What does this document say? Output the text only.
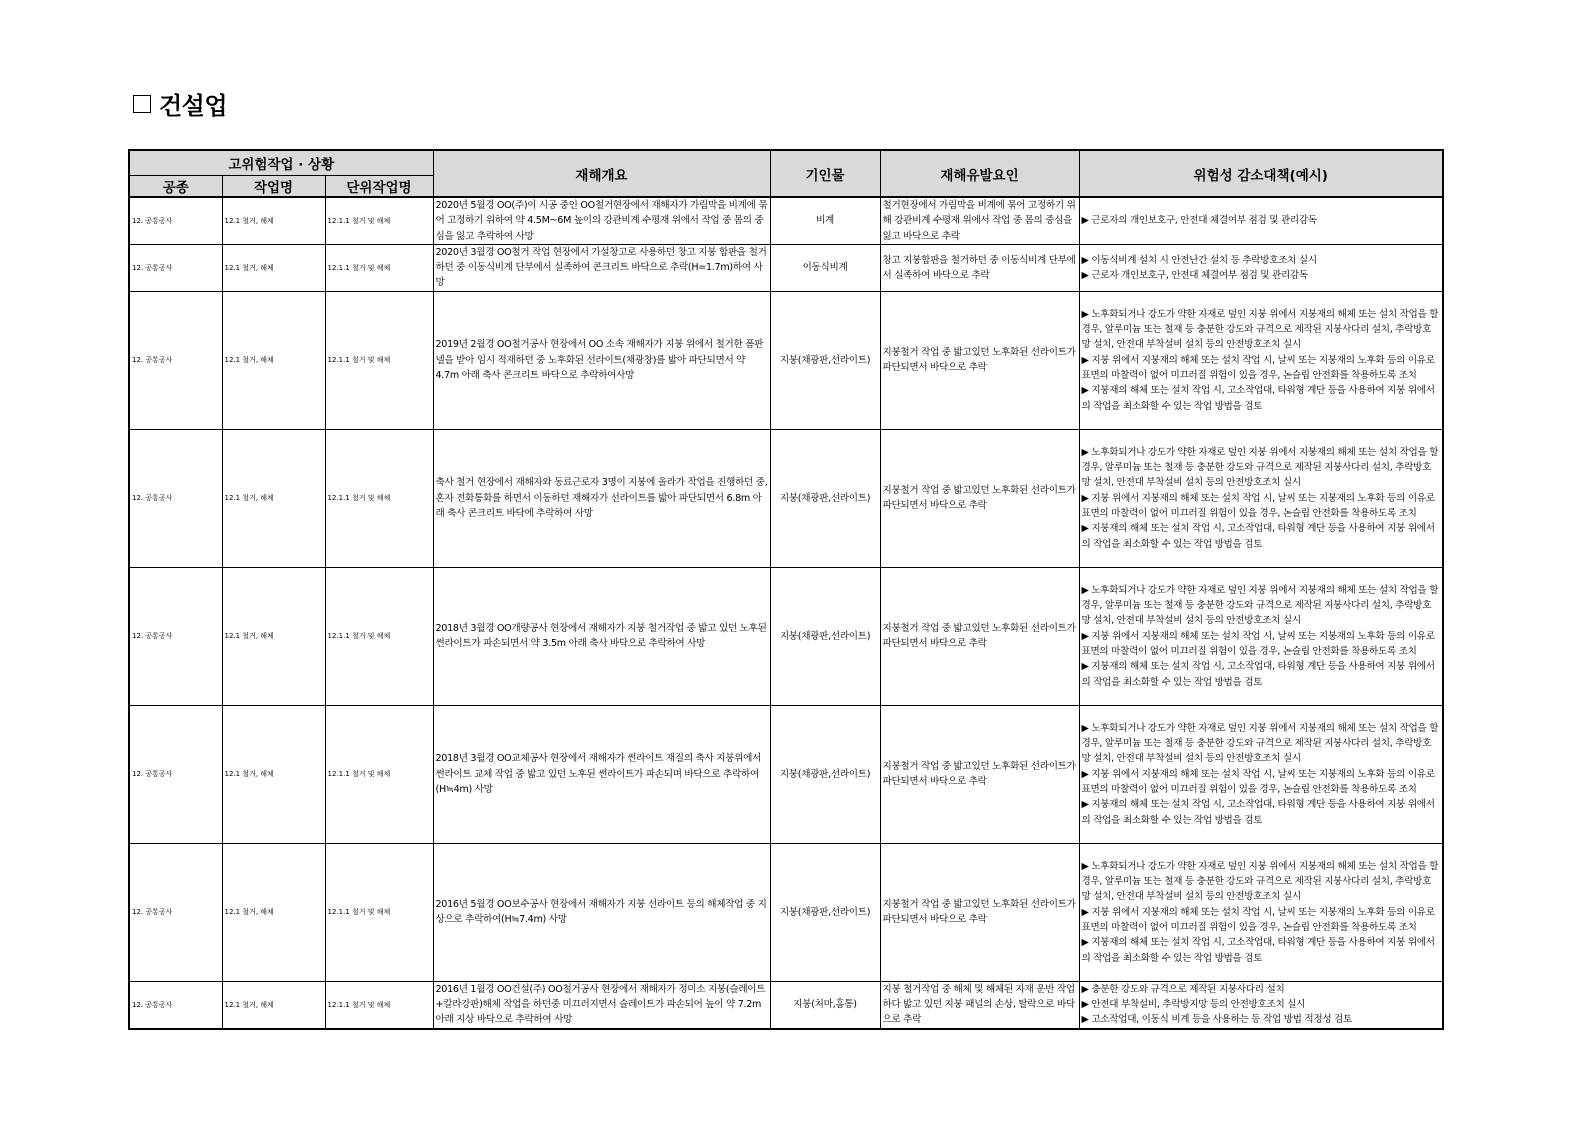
건설업
고위험작업 · 상황			재해개요	기인물	재해유발요인	위험성 감소대책(예시)
공종	작업명	단위작업명				
12. 공통공사	12.1 철거, 해체	12.1.1 철거 및 해체	2020년 5월경 OO(주)이 시공 중인 OO철거현장에서 재해자가 가림막을 비계에 묶어 고정하기 위하여 약 4.5M~6M 높이의 강관비계 수평재 위에서 작업 중 몸의 중심을 잃고 추락하여 사망	비계	철거현장에서 가림막을 비계에 묶어 고정하기 위해 강관비계 수평재 위에서 작업 중 몸의 중심을 잃고 바닥으로 추락	▶ 근로자의 개인보호구, 안전대 체결여부 점검 및 관리감독

12. 공통공사	12.1 철거, 해체	12.1.1 철거 및 해체	2020년 3월경 OO철거 작업 현장에서 가설창고로 사용하던 창고 지붕 합판을 철거 하던 중 이동식비계 단부에서 실족하여 콘크리트 바닥으로 추락(H=1.7m)하여 사망	이동식비계	창고 지붕합판을 철거하던 중 이동식비계 단부에서 실족하여 바닥으로 추락	▶ 이동식비계 설치 시 안전난간 설치 등 추락방호조치 실시
▶ 근로자 개인보호구, 안전대 체결여부 점검 및 관리감독

12. 공통공사	12.1 철거, 해체	12.1.1 철거 및 해체	2019년 2월경 OO철거공사 현장에서 OO 소속 재해자가 지붕 위에서 철거한 폼판넬을 받아 임시 적재하던 중 노후화된 선라이트(채광창)를 밟아 파단되면서 약 4.7m 아래 축사 콘크리트 바닥으로 추락하여사망	지붕(채광판,선라이트)	지붕철거 작업 중 밟고있던 노후화된 선라이트가 파단되면서 바닥으로 추락	▶ 노후화되거나 강도가 약한 자재로 덮인 지붕 위에서 지붕재의 해체 또는 설치 작업을 할 경우, 알루미늄 또는 철재 등 충분한 강도와 규격으로 제작된 지붕사다리 설치, 추락방호망 설치, 안전대 부착설비 설치 등의 안전방호조치 실시
▶ 지붕 위에서 지붕재의 해체 또는 설치 작업 시, 날씨 또는 지붕재의 노후화 등의 이유로 표면의 마찰력이 없어 미끄러질 위험이 있을 경우, 논슬립 안전화를 착용하도록 조치
▶ 지붕재의 해체 또는 설치 작업 시, 고소작업대, 타워형 계단 등을 사용하여 지붕 위에서의 작업을 최소화할 수 있는 작업 방법을 검토

12. 공통공사	12.1 철거, 해체	12.1.1 철거 및 해체	축사 철거 현장에서 재해자와 동료근로자 3명이 지붕에 올라가 작업을 진행하던 중, 혼자 전화통화를 하면서 이동하던 재해자가 선라이트를 밟아 파단되면서 6.8m 아래 축사 콘크리트 바닥에 추락하여 사망	지붕(채광판,선라이트)	지붕철거 작업 중 밟고있던 노후화된 선라이트가 파단되면서 바닥으로 추락	▶ 노후화되거나 강도가 약한 자재로 덮인 지붕 위에서 지붕재의 해체 또는 설치 작업을 할 경우, 알루미늄 또는 철재 등 충분한 강도와 규격으로 제작된 지붕사다리 설치, 추락방호망 설치, 안전대 부착설비 설치 등의 안전방호조치 실시
▶ 지붕 위에서 지붕재의 해체 또는 설치 작업 시, 날씨 또는 지붕재의 노후화 등의 이유로 표면의 마찰력이 없어 미끄러질 위험이 있을 경우, 논슬립 안전화를 착용하도록 조치
▶ 지붕재의 해체 또는 설치 작업 시, 고소작업대, 타워형 계단 등을 사용하여 지붕 위에서의 작업을 최소화할 수 있는 작업 방법을 검토

12. 공통공사	12.1 철거, 해체	12.1.1 철거 및 해체	2018년 3월경 OO개량공사 현장에서 재해자가 지붕 철거작업 중 밟고 있던 노후된 썬라이트가 파손되면서 약 3.5m 아래 축사 바닥으로 추락하여 사망	지붕(채광판,선라이트)	지붕철거 작업 중 밟고있던 노후화된 선라이트가 파단되면서 바닥으로 추락	▶ 노후화되거나 강도가 약한 자재로 덮인 지붕 위에서 지붕재의 해체 또는 설치 작업을 할 경우, 알루미늄 또는 철재 등 충분한 강도와 규격으로 제작된 지붕사다리 설치, 추락방호망 설치, 안전대 부착설비 설치 등의 안전방호조치 실시
▶ 지붕 위에서 지붕재의 해체 또는 설치 작업 시, 날씨 또는 지붕재의 노후화 등의 이유로 표면의 마찰력이 없어 미끄러질 위험이 있을 경우, 논슬립 안전화를 착용하도록 조치
▶ 지붕재의 해체 또는 설치 작업 시, 고소작업대, 타워형 계단 등을 사용하여 지붕 위에서의 작업을 최소화할 수 있는 작업 방법을 검토

12. 공통공사	12.1 철거, 해체	12.1.1 철거 및 해체	2018년 3월경 OO교체공사 현장에서 재해자가 썬라이트 재질의 축사 지붕위에서 썬라이트 교체 작업 중 밟고 있던 노후된 썬라이트가 파손되며 바닥으로 추락하여(H≒4m) 사망	지붕(채광판,선라이트)	지붕철거 작업 중 밟고있던 노후화된 선라이트가 파단되면서 바닥으로 추락	▶ 노후화되거나 강도가 약한 자재로 덮인 지붕 위에서 지붕재의 해체 또는 설치 작업을 할 경우, 알루미늄 또는 철재 등 충분한 강도와 규격으로 제작된 지붕사다리 설치, 추락방호망 설치, 안전대 부착설비 설치 등의 안전방호조치 실시
▶ 지붕 위에서 지붕재의 해체 또는 설치 작업 시, 날씨 또는 지붕재의 노후화 등의 이유로 표면의 마찰력이 없어 미끄러질 위험이 있을 경우, 논슬립 안전화를 착용하도록 조치
▶ 지붕재의 해체 또는 설치 작업 시, 고소작업대, 타워형 계단 등을 사용하여 지붕 위에서의 작업을 최소화할 수 있는 작업 방법을 검토

12. 공통공사	12.1 철거, 해체	12.1.1 철거 및 해체	2016년 5월경 OO보수공사 현장에서 재해자가 지붕 선라이트 등의 해체작업 중 지상으로 추락하여(H≒7.4m) 사망	지붕(채광판,선라이트)	지붕철거 작업 중 밟고있던 노후화된 선라이트가 파단되면서 바닥으로 추락	▶ 노후화되거나 강도가 약한 자재로 덮인 지붕 위에서 지붕재의 해체 또는 설치 작업을 할 경우, 알루미늄 또는 철재 등 충분한 강도와 규격으로 제작된 지붕사다리 설치, 추락방호망 설치, 안전대 부착설비 설치 등의 안전방호조치 실시
▶ 지붕 위에서 지붕재의 해체 또는 설치 작업 시, 날씨 또는 지붕재의 노후화 등의 이유로 표면의 마찰력이 없어 미끄러질 위험이 있을 경우, 논슬립 안전화를 착용하도록 조치
▶ 지붕재의 해체 또는 설치 작업 시, 고소작업대, 타워형 계단 등을 사용하여 지붕 위에서의 작업을 최소화할 수 있는 작업 방법을 검토

12. 공통공사	12.1 철거, 해체	12.1.1 철거 및 해체	2016년 1월경 OO건설(주) OO철거공사 현장에서 재해자가 정미소 지붕(슬레이트+칼라강판)해체 작업을 하던중 미끄러지면서 슬레이트가 파손되어 높이 약 7.2m 아래 지상 바닥으로 추락하여 사망	지붕(처마,홈통)	지붕 철거작업 중 해체 및 해체된 자재 운반 작업하다 밟고 있던 지붕 패널의 손상, 탈락으로 바닥으로 추락	▶ 충분한 강도와 규격으로 제작된 지붕사다리 설치
▶ 안전대 부착설비, 추락방지망 등의 안전방호조치 실시
▶ 고소작업대, 이동식 비계 등을 사용하는 등 작업 방법 적정성 검토
